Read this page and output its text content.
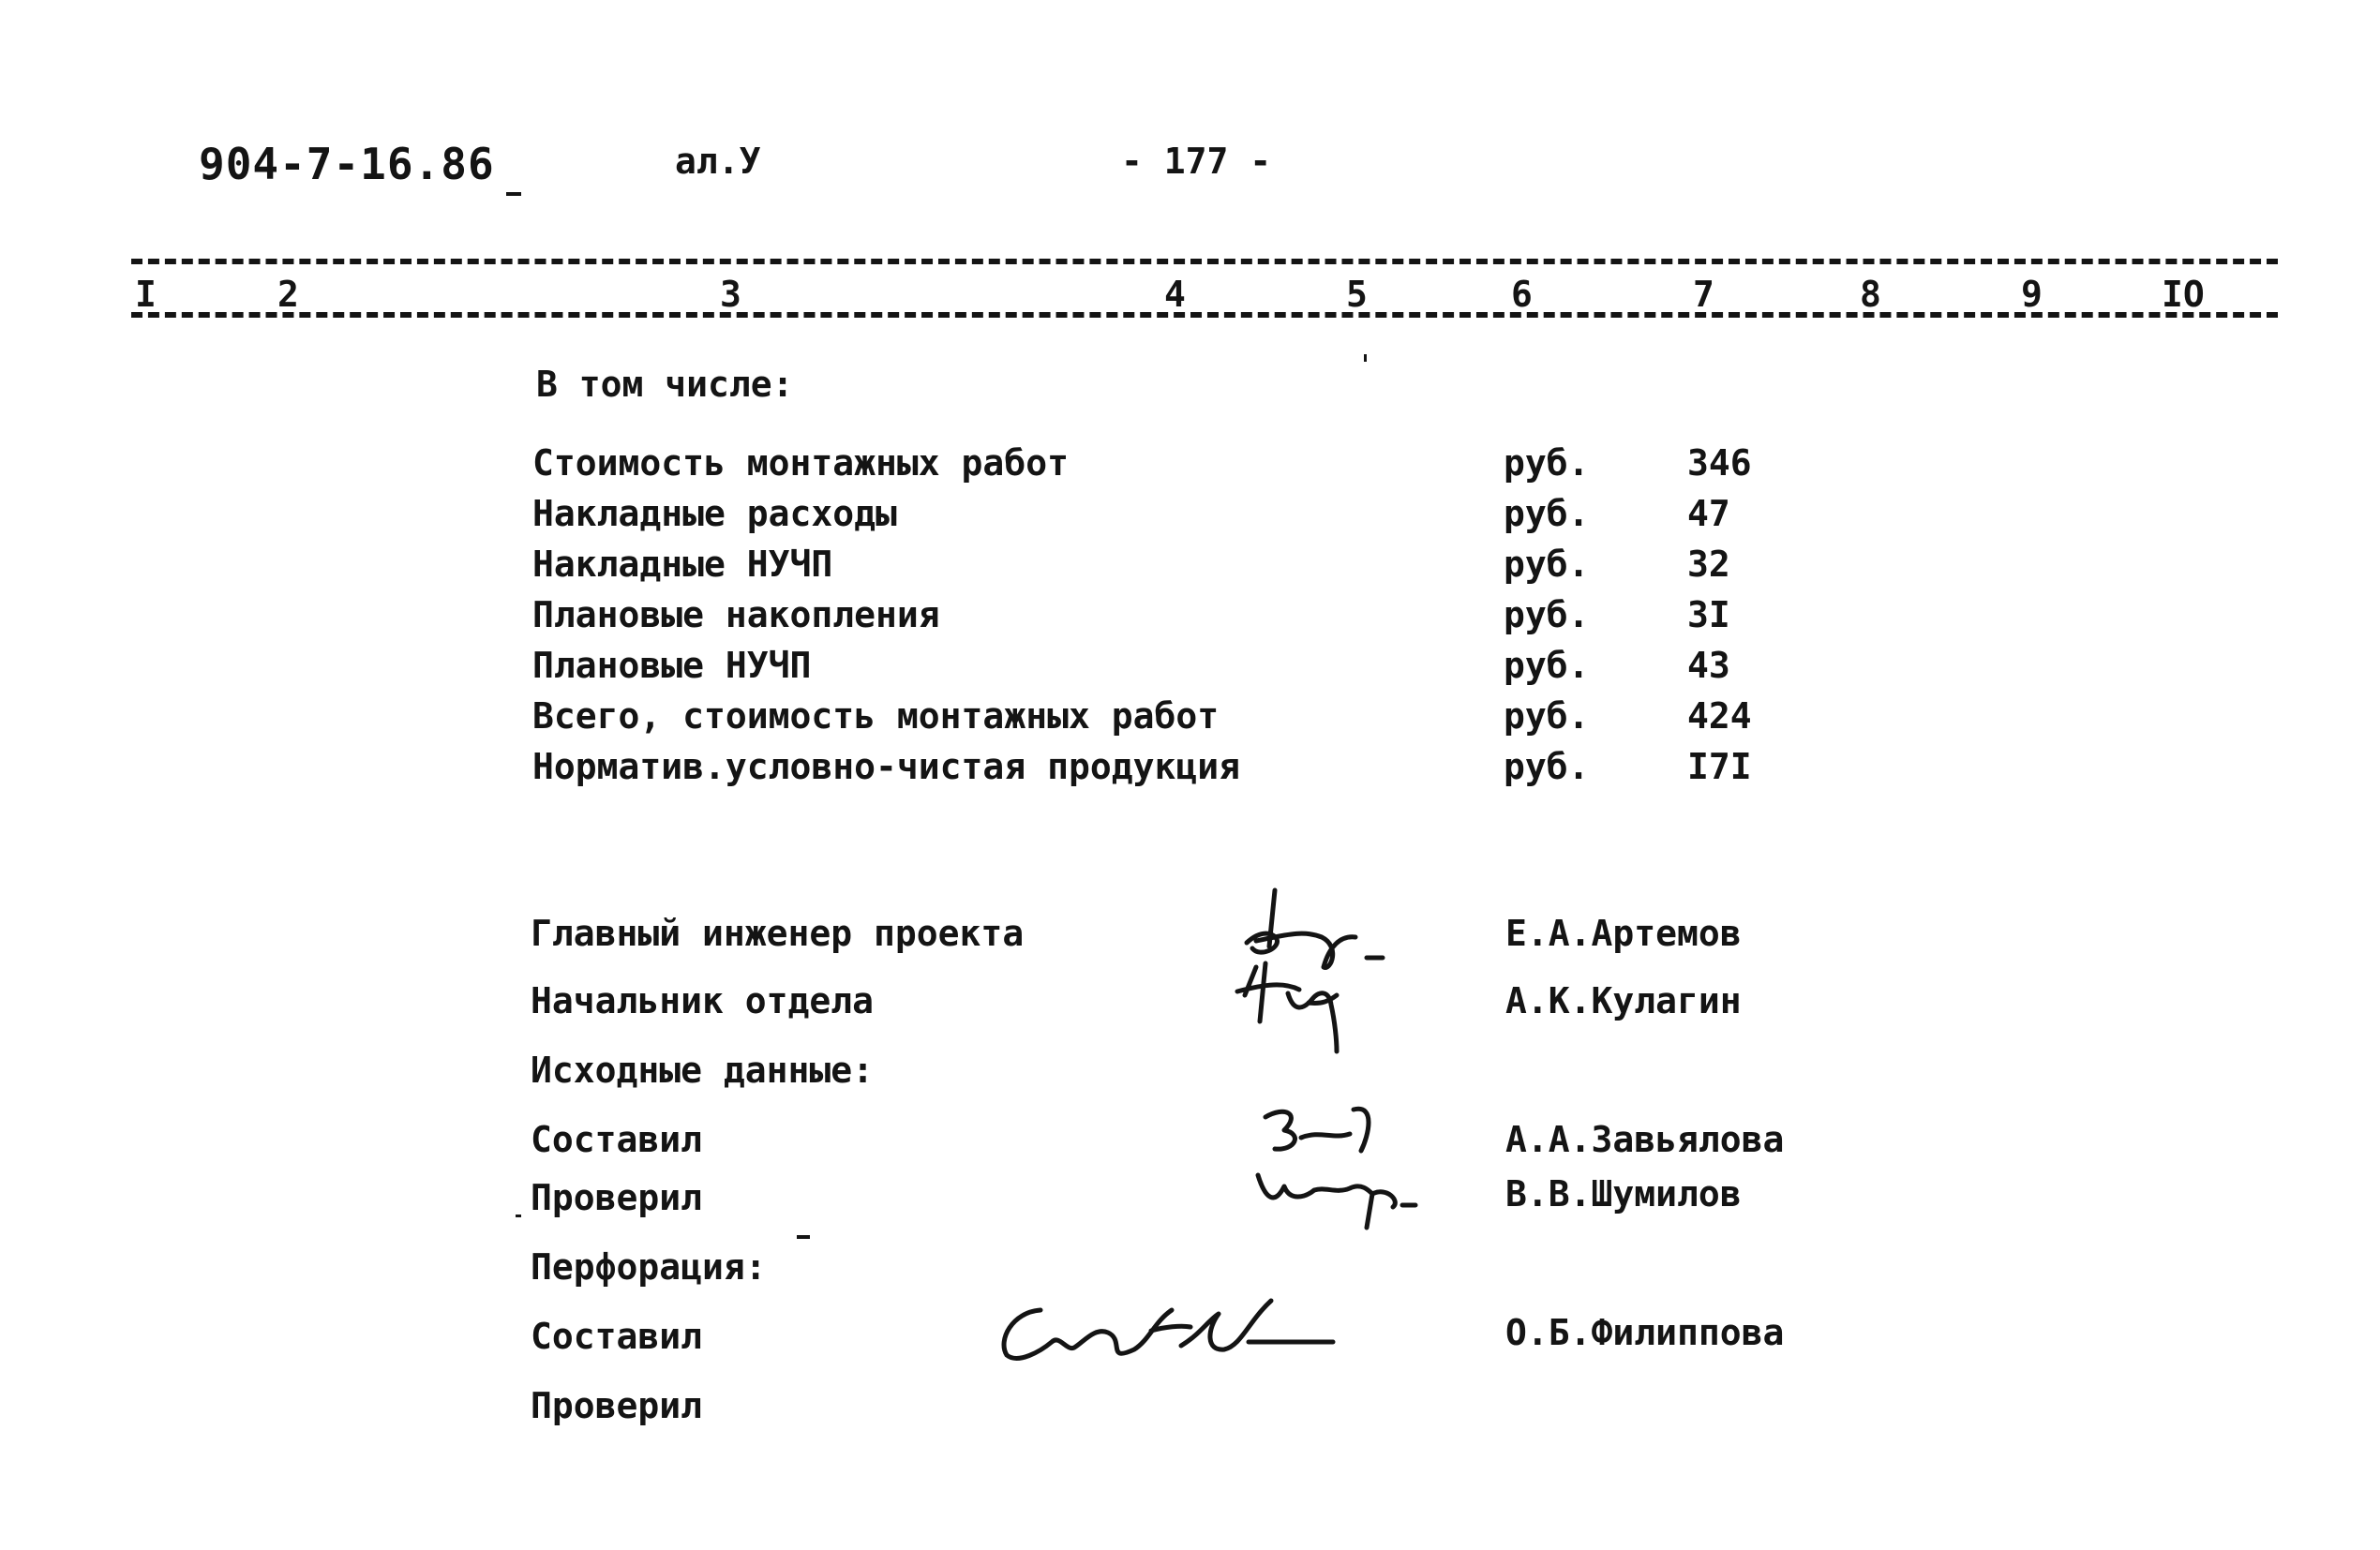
904-7-16.86	ал.У	- 177 -
I	2	3	4	5	6	7	8	9	IO
В том числе:
Стоимость монтажных работ	руб.	346
Накладные расходы	руб.	47
Накладные НУЧП	руб.	32
Плановые накопления	руб.	3I
Плановые НУЧП	руб.	43
Всего, стоимость монтажных работ	руб.	424
Норматив.условно-чистая продукция	руб.	I7I
Главный инженер проекта	Е.А.Артемов
Начальник отдела	А.К.Кулагин
Исходные данные:
Составил	А.А.Завьялова
Проверил	В.В.Шумилов
Перфорация:
Составил	О.Б.Филиппова
Проверил
